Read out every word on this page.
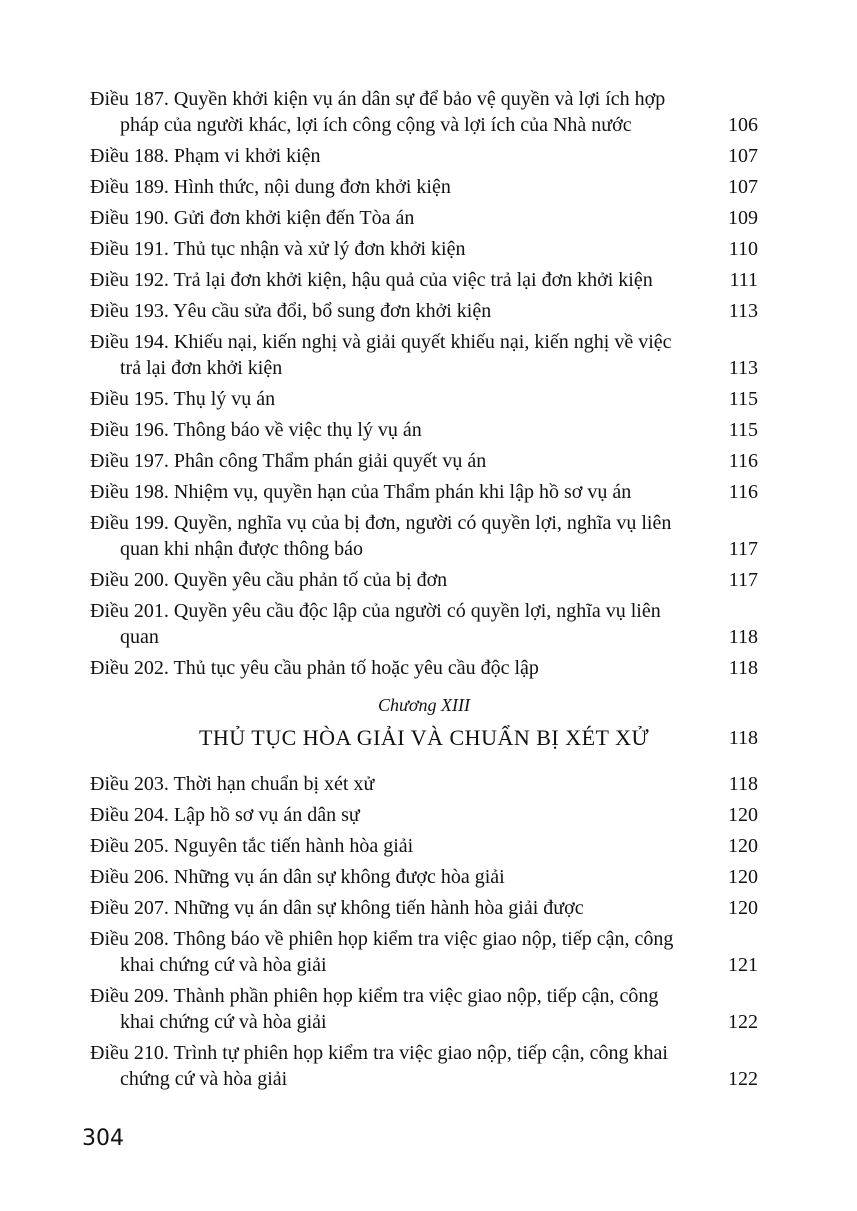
Điều 187. Quyền khởi kiện vụ án dân sự để bảo vệ quyền và lợi ích hợp pháp của người khác, lợi ích công cộng và lợi ích của Nhà nước	106
Điều 188. Phạm vi khởi kiện	107
Điều 189. Hình thức, nội dung đơn khởi kiện	107
Điều 190. Gửi đơn khởi kiện đến Tòa án	109
Điều 191. Thủ tục nhận và xử lý đơn khởi kiện	110
Điều 192. Trả lại đơn khởi kiện, hậu quả của việc trả lại đơn khởi kiện	111
Điều 193. Yêu cầu sửa đổi, bổ sung đơn khởi kiện	113
Điều 194. Khiếu nại, kiến nghị và giải quyết khiếu nại, kiến nghị về việc trả lại đơn khởi kiện	113
Điều 195. Thụ lý vụ án	115
Điều 196. Thông báo về việc thụ lý vụ án	115
Điều 197. Phân công Thẩm phán giải quyết vụ án	116
Điều 198. Nhiệm vụ, quyền hạn của Thẩm phán khi lập hồ sơ vụ án	116
Điều 199. Quyền, nghĩa vụ của bị đơn, người có quyền lợi, nghĩa vụ liên quan khi nhận được thông báo	117
Điều 200. Quyền yêu cầu phản tố của bị đơn	117
Điều 201. Quyền yêu cầu độc lập của người có quyền lợi, nghĩa vụ liên quan	118
Điều 202. Thủ tục yêu cầu phản tố hoặc yêu cầu độc lập	118
Chương XIII
THỦ TỤC HÒA GIẢI VÀ CHUẨN BỊ XÉT XỬ	118
Điều 203. Thời hạn chuẩn bị xét xử	118
Điều 204. Lập hồ sơ vụ án dân sự	120
Điều 205. Nguyên tắc tiến hành hòa giải	120
Điều 206. Những vụ án dân sự không được hòa giải	120
Điều 207. Những vụ án dân sự không tiến hành hòa giải được	120
Điều 208. Thông báo về phiên họp kiểm tra việc giao nộp, tiếp cận, công khai chứng cứ và hòa giải	121
Điều 209. Thành phần phiên họp kiểm tra việc giao nộp, tiếp cận, công khai chứng cứ và hòa giải	122
Điều 210. Trình tự phiên họp kiểm tra việc giao nộp, tiếp cận, công khai chứng cứ và hòa giải	122
304
